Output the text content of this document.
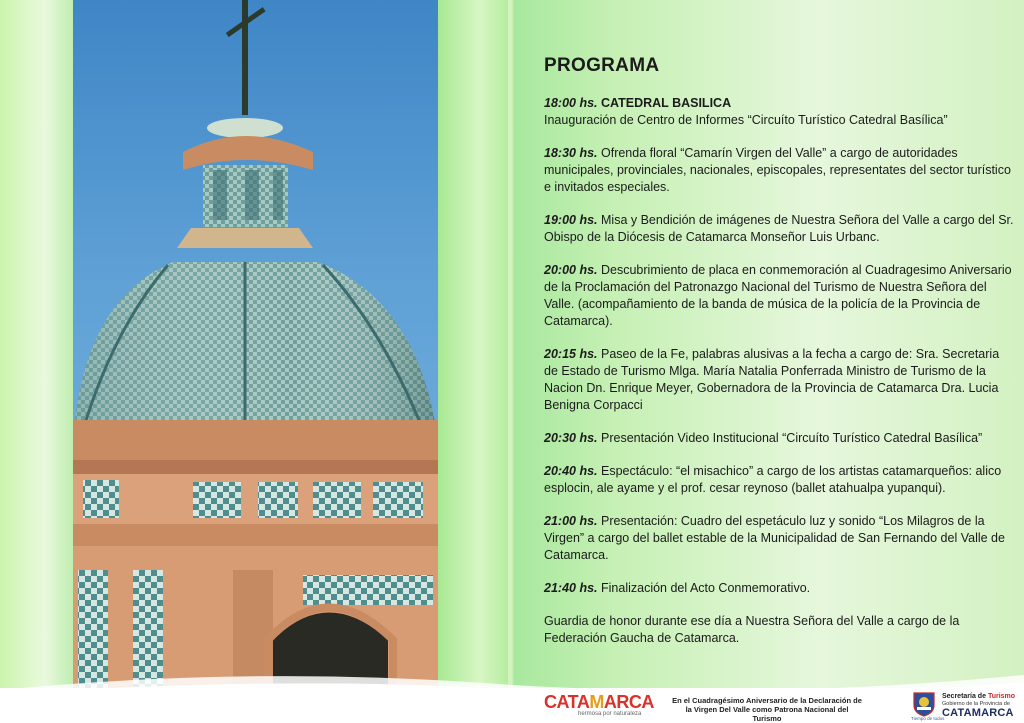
PROGRAMA

18:00 hs. CATEDRAL BASILICA
Inauguración de Centro de Informes “Circuíto Turístico Catedral Basílica”

18:30 hs. Ofrenda floral “Camarín Virgen del Valle” a cargo de autoridades municipales, provinciales, nacionales, episcopales, representates del sector turístico e invitados especiales.

19:00 hs. Misa y Bendición de imágenes de Nuestra Señora del Valle a cargo del Sr. Obispo de la Diócesis de Catamarca Monseñor Luis Urbanc.

20:00 hs. Descubrimiento de placa en conmemoración al Cuadragesimo Aniversario de la Proclamación del Patronazgo Nacional del Turismo de Nuestra Señora del Valle. (acompañamiento de la banda de música de la policía de la Provincia de Catamarca).

20:15 hs. Paseo de la Fe, palabras alusivas a la fecha a cargo de: Sra. Secretaria de Estado de Turismo Mlga. María Natalia Ponferrada Ministro de Turismo de la Nacion Dn. Enrique Meyer, Gobernadora de la Provincia de Catamarca Dra. Lucia Benigna Corpacci

20:30 hs. Presentación Video Institucional “Circuíto Turístico Catedral Basílica”

20:40 hs. Espectáculo: “el misachico” a cargo de los artistas catamarqueños: alico esplocin, ale ayame y el prof. cesar reynoso (ballet atahualpa yupanqui).

21:00 hs. Presentación: Cuadro del espetáculo luz y sonido “Los Milagros de la Virgen” a cargo del ballet estable de la Municipalidad de San Fernando del Valle de Catamarca.

21:40 hs. Finalización del Acto Conmemorativo.

Guardia de honor durante ese día a Nuestra Señora del Valle a cargo de la Federación Gaucha de Catamarca.

CATAMARCA
hermosa por naturaleza
En el Cuadragésimo Aniversario de la Declaración de la Virgen Del Valle como Patrona Nacional del Turismo	Tiempo de todos
Secretaría de Turismo
Gobierno de la Provincia de
CATAMARCA
